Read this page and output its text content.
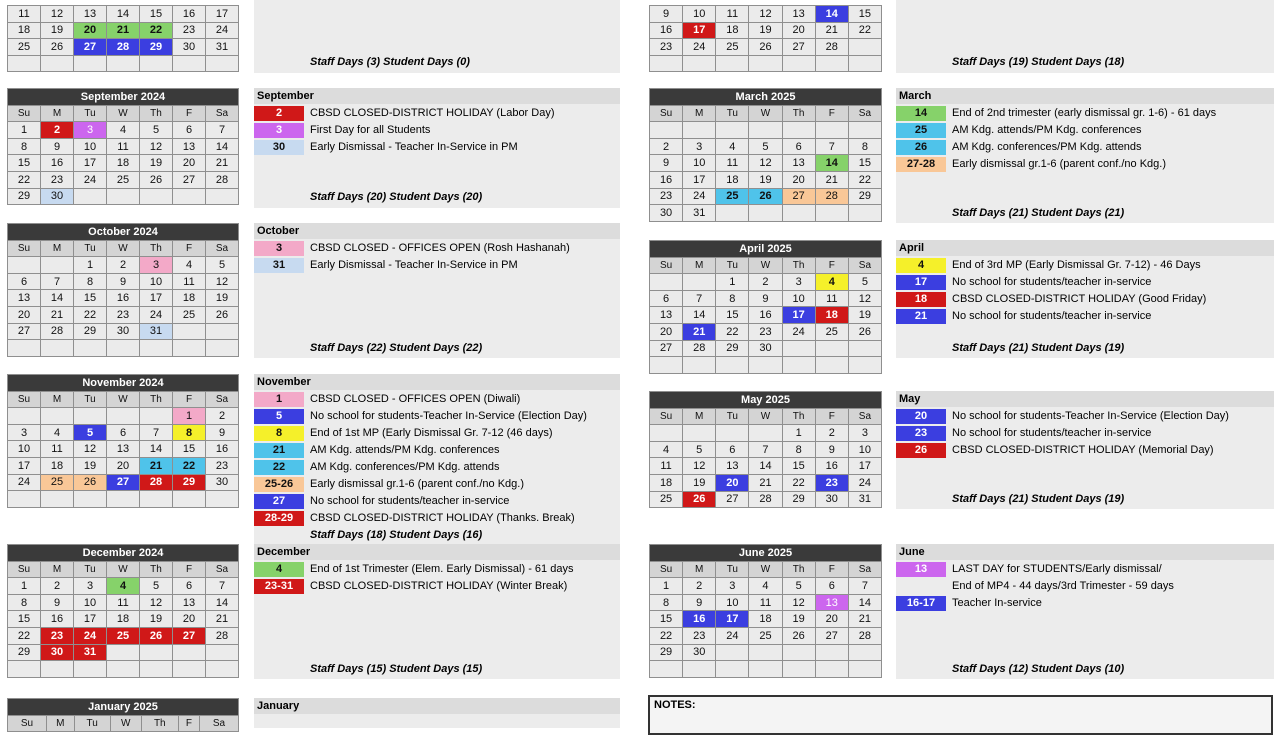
11	12	13	14	15	16	17
18	19	20	21	22	23	24
25	26	27	28	29	30	31

Staff Days (3) Student Days (0)
September 2024						
Su	M	Tu	W	Th	F	Sa
1	2	3	4	5	6	7
8	9	10	11	12	13	14
15	16	17	18	19	20	21
22	23	24	25	26	27	28
29	30					
September
2	CBSD CLOSED-DISTRICT HOLIDAY (Labor Day)
3	First Day for all Students
30 Early Dismissal - Teacher In-Service in PM
Staff Days (20) Student Days (20)
October 2024						
Su	M	Tu	W	Th	F	Sa
		1	2	3	4	5
6	7	8	9	10	11	12
13	14	15	16	17	18	19
20	21	22	23	24	25	26
27	28	29	30	31		

October
3	CBSD CLOSED - OFFICES OPEN (Rosh Hashanah)
31 Early Dismissal - Teacher In-Service in PM
Staff Days (22) Student Days (22)
November 2024						
Su	M	Tu	W	Th	F	Sa
					1	2
3	4	5	6	7	8	9
10	11	12	13	14	15	16
17	18	19	20	21	22	23
24	25	26	27	28	29	30

November
1	CBSD CLOSED - OFFICES OPEN (Diwali)
5	No school for students-Teacher In-Service (Election Day)
8	End of 1st MP (Early Dismissal Gr. 7-12 (46 days)
21 AM Kdg. attends/PM Kdg. conferences
22 AM Kdg. conferences/PM Kdg. attends
25-26 Early dismissal gr.1-6 (parent conf./no Kdg.)
27 No school for students/teacher in-service
28-29 CBSD CLOSED-DISTRICT HOLIDAY (Thanks. Break)
Staff Days (18) Student Days (16)
December 2024						
Su	M	Tu	W	Th	F	Sa
1	2	3	4	5	6	7
8	9	10	11	12	13	14
15	16	17	18	19	20	21
22	23	24	25	26	27	28
29	30	31				

December
4	End of 1st Trimester (Elem. Early Dismissal) - 61 days
23-31 CBSD CLOSED-DISTRICT HOLIDAY (Winter Break)
Staff Days (15) Student Days (15)
January 2025
Su	M	Tu	W	Th	F	Sa
January
9	10	11	12	13	14	15
16	17	18	19	20	21	22
23	24	25	26	27	28	

Staff Days (19) Student Days (18)
March 2025						
Su	M	Tu	W	Th	F	Sa

2	3	4	5	6	7	8
9	10	11	12	13	14	15
16	17	18	19	20	21	22
23	24	25	26	27	28	29
30	31					
March
14 End of 2nd trimester (early dismissal gr. 1-6) - 61 days
25 AM Kdg. attends/PM Kdg. conferences
26 AM Kdg. conferences/PM Kdg. attends
27-28 Early dismissal gr.1-6 (parent conf./no Kdg.)
Staff Days (21) Student Days (21)
April 2025						
Su	M	Tu	W	Th	F	Sa
		1	2	3	4	5
6	7	8	9	10	11	12
13	14	15	16	17	18	19
20	21	22	23	24	25	26
27	28	29	30			

April
4	End of 3rd MP (Early Dismissal Gr. 7-12) - 46 Days
17 No school for students/teacher in-service
18 CBSD CLOSED-DISTRICT HOLIDAY (Good Friday)
21 No school for students/teacher in-service
Staff Days (21) Student Days (19)
May 2025						
Su	M	Tu	W	Th	F	Sa
				1	2	3
4	5	6	7	8	9	10
11	12	13	14	15	16	17
18	19	20	21	22	23	24
25	26	27	28	29	30	31
May
20 No school for students-Teacher In-Service (Election Day)
23 No school for students/teacher in-service
26 CBSD CLOSED-DISTRICT HOLIDAY (Memorial Day)
Staff Days (21) Student Days (19)
June 2025						
Su	M	Tu	W	Th	F	Sa
1	2	3	4	5	6	7
8	9	10	11	12	13	14
15	16	17	18	19	20	21
22	23	24	25	26	27	28
29	30					

June
13 LAST DAY for STUDENTS/Early dismissal/
End of MP4 - 44 days/3rd Trimester - 59 days
16-17 Teacher In-service
Staff Days (12) Student Days (10)
NOTES:
